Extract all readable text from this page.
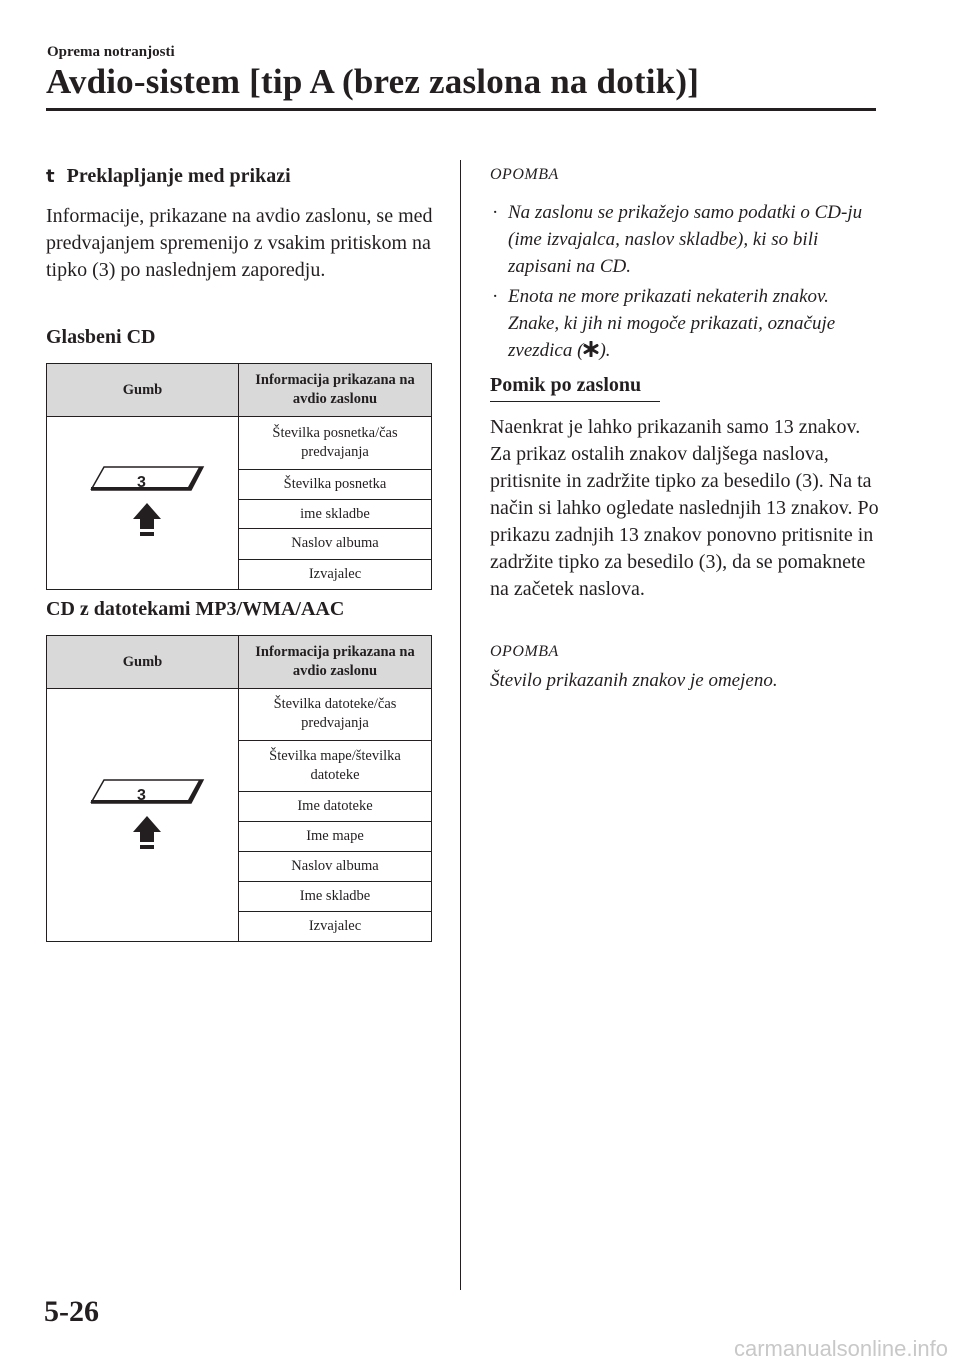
Oprema notranjosti
Avdio-sistem [tip A (brez zaslona na dotik)]
t Preklapljanje med prikazi
Informacije, prikazane na avdio zaslonu, se med predvajanjem spremenijo z vsakim pritiskom na tipko (3) po naslednjem zaporedju.
Glasbeni CD
Gumb	Informacija prikazana na avdio zaslonu

3	Številka posnetka/čas predvajanja
	Številka posnetka
	ime skladbe
	Naslov albuma
	Izvajalec
CD z datotekami MP3/WMA/AAC
Gumb	Informacija prikazana na avdio zaslonu

3	Številka datoteke/čas predvajanja
	Številka mape/številka datoteke
	Ime datoteke
	Ime mape
	Naslov albuma
	Ime skladbe
	Izvajalec
OPOMBA
· Na zaslonu se prikažejo samo podatki o CD-ju (ime izvajalca, naslov skladbe), ki so bili zapisani na CD.
· Enota ne more prikazati nekaterih znakov. Znake, ki jih ni mogoče prikazati, označuje zvezdica ( ).
Pomik po zaslonu
Naenkrat je lahko prikazanih samo 13 znakov. Za prikaz ostalih znakov daljšega naslova, pritisnite in zadržite tipko za besedilo (3). Na ta način si lahko ogledate naslednjih 13 znakov. Po prikazu zadnjih 13 znakov ponovno pritisnite in zadržite tipko za besedilo (3), da se pomaknete na začetek naslova.
OPOMBA
Število prikazanih znakov je omejeno.
5-26
carmanualsonline.info
